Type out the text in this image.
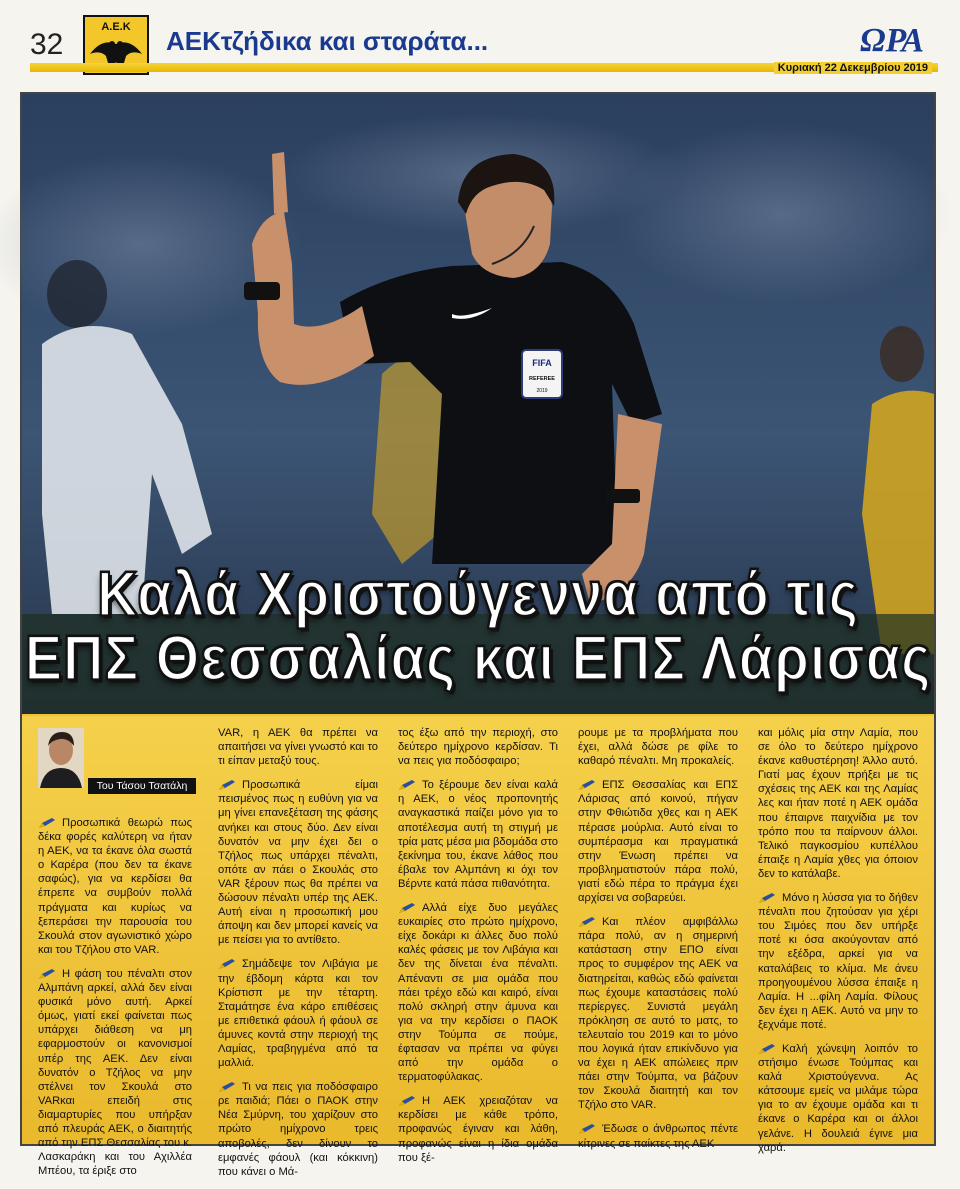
32
Α.Ε.Κ ΑΕΚτζήδικα και σταράτα...	ΩΡΑ
Κυριακή 22 Δεκεμβρίου 2019
FIFA
REFEREE
2019
Καλά Χριστούγεννα από τις
ΕΠΣ Θεσσαλίας και ΕΠΣ Λάρισας
Του Τάσου Τσατάλη

Προσωπικά θεωρώ πως δέκα φορές καλύτερη να ήταν η ΑΕΚ, να τα έκανε όλα σωστά ο Καρέρα (που δεν τα έκανε σαφώς), για να κερδίσει θα έπρεπε να συμβούν πολλά πράγματα και κυρίως να ξεπεράσει την παρουσία του Σκουλά στον αγωνιστικό χώρο και του Τζήλου στο VAR.

Η φάση του πέναλτι στον Αλμπάνη αρκεί, αλλά δεν είναι φυσικά μόνο αυτή. Αρκεί όμως, γιατί εκεί φαίνεται πως υπάρχει διάθεση να μη εφαρμοστούν οι κανονισμοί υπέρ της ΑΕΚ. Δεν είναι δυνατόν ο Τζήλος να μην στέλνει τον Σκουλά στο VARκαι επειδή στις διαμαρτυρίες που υπήρξαν από πλευράς ΑΕΚ, ο διαιτητής από την ΕΠΣ Θεσσαλίας του κ. Λασκαράκη και του Αχιλλέα Μπέου, τα έριξε στο

VAR, η ΑΕΚ θα πρέπει να απαιτήσει να γίνει γνωστό και το τι είπαν μεταξύ τους.

Προσωπικά είμαι πεισμένος πως η ευθύνη για να μη γίνει επανεξέταση της φάσης ανήκει και στους δύο. Δεν είναι δυνατόν να μην έχει δει ο Τζήλος πως υπάρχει πέναλτι, οπότε αν πάει ο Σκουλάς στο VAR ξέρουν πως θα πρέπει να δώσουν πέναλτι υπέρ της ΑΕΚ. Αυτή είναι η προσωπική μου άποψη και δεν μπορεί κανείς να με πείσει για το αντίθετο.

Σημάδεψε τον Λιβάγια με την έβδομη κάρτα και τον Κρίστισπ με την τέταρτη. Σταμάτησε ένα κάρο επιθέσεις με επιθετικά φάουλ ή φάουλ σε άμυνες κοντά στην περιοχή της Λαμίας, τραβηγμένα από τα μαλλιά.

Τι να πεις για ποδόσφαιρο ρε παιδιά; Πάει ο ΠΑΟΚ στην Νέα Σμύρνη, του χαρίζουν στο πρώτο ημίχρονο τρεις αποβολές, δεν δίνουν το εμφανές φάουλ (και κόκκινη) που κάνει ο Μά-

τος έξω από την περιοχή, στο δεύτερο ημίχρονο κερδίσαν. Τι να πεις για ποδόσφαιρο;

Το ξέρουμε δεν είναι καλά η ΑΕΚ, ο νέος προπονητής αναγκαστικά παίζει μόνο για το αποτέλεσμα αυτή τη στιγμή με τρία ματς μέσα μια βδομάδα στο ξεκίνημα του, έκανε λάθος που έβαλε τον Αλμπάνη κι όχι τον Βέρντε κατά πάσα πιθανότητα.

Αλλά είχε δυο μεγάλες ευκαιρίες στο πρώτο ημίχρονο, είχε δοκάρι κι άλλες δυο πολύ καλές φάσεις με τον Λιβάγια και δεν της δίνεται ένα πέναλτι. Απέναντι σε μια ομάδα που πάει τρέχο εδώ και καιρό, είναι πολύ σκληρή στην άμυνα και για να την κερδίσει ο ΠΑΟΚ στην Τούμπα σε πούμε, έφτασαν να πρέπει να φύγει από την ομάδα ο τερματοφύλακας.

Η ΑΕΚ χρειαζόταν να κερδίσει με κάθε τρόπο, προφανώς έγιναν και λάθη, προφανώς είναι η ίδια ομάδα που ξέ-

ρουμε με τα προβλήματα που έχει, αλλά δώσε ρε φίλε το καθαρό πέναλτι. Μη προκαλείς.

ΕΠΣ Θεσσαλίας και ΕΠΣ Λάρισας από κοινού, πήγαν στην Φθιώτιδα χθες και η ΑΕΚ πέρασε μούρλια. Αυτό είναι το συμπέρασμα και πραγματικά στην Ένωση πρέπει να προβληματιστούν πάρα πολύ, γιατί εδώ πέρα το πράγμα έχει αρχίσει να σοβαρεύει.

Και πλέον αμφιβάλλω πάρα πολύ, αν η σημερινή κατάσταση στην ΕΠΟ είναι προς το συμφέρον της ΑΕΚ να διατηρείται, καθώς εδώ φαίνεται πως έχουμε καταστάσεις πολύ περίεργες. Συνιστά μεγάλη πρόκληση σε αυτό το ματς, το τελευταίο του 2019 και το μόνο που λογικά ήταν επικίνδυνο για να έχει η ΑΕΚ απώλειες πριν πάει στην Τούμπα, να βάζουν τον Σκουλά διαιτητή και τον Τζήλο στο VAR.

Έδωσε ο άνθρωπος πέντε κίτρινες σε παίκτες της ΑΕΚ

και μόλις μία στην Λαμία, που σε όλο το δεύτερο ημίχρονο έκανε καθυστέρηση! Άλλο αυτό. Γιατί μας έχουν πρήξει με τις σχέσεις της ΑΕΚ και της Λαμίας λες και ήταν ποτέ η ΑΕΚ ομάδα που έπαιρνε παιχνίδια με τον τρόπο που τα παίρνουν άλλοι. Τελικό παγκοσμίου κυπέλλου έπαιξε η Λαμία χθες για όποιον δεν το κατάλαβε.

Μόνο η λύσσα για το δήθεν πέναλτι που ζητούσαν για χέρι του Σιμόες που δεν υπήρξε ποτέ κι όσα ακούγονταν από την εξέδρα, αρκεί για να καταλάβεις το κλίμα. Με άνευ προηγουμένου λύσσα έπαιξε η Λαμία. Η ...φίλη Λαμία. Φίλους δεν έχει η ΑΕΚ. Αυτό να μην το ξεχνάμε ποτέ.

Καλή χώνεψη λοιπόν το στήσιμο ένωσε Τούμπας και καλά Χριστούγεννα. Ας κάτσουμε εμείς να μιλάμε τώρα για το αν έχουμε ομάδα και τι έκανε ο Καρέρα και οι άλλοι γελάνε. Η δουλειά έγινε μια χαρά.
